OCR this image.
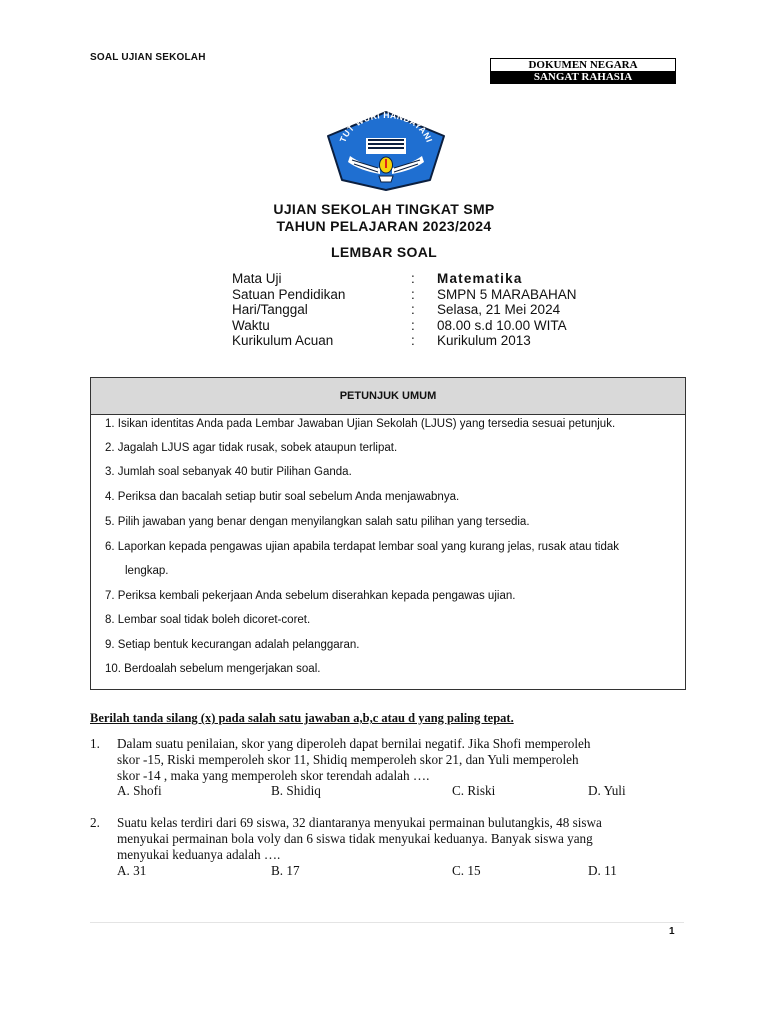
SOAL UJIAN SEKOLAH
DOKUMEN NEGARA
SANGAT RAHASIA
TUT WURI HANDAYANI
UJIAN SEKOLAH TINGKAT SMP
TAHUN PELAJARAN 2023/2024
LEMBAR SOAL
Mata Uji	: Matematika
Satuan Pendidikan	: SMPN 5 MARABAHAN
Hari/Tanggal	: Selasa, 21 Mei 2024
Waktu	: 08.00 s.d 10.00 WITA
Kurikulum Acuan	: Kurikulum 2013
PETUNJUK UMUM
1. Isikan identitas Anda pada Lembar Jawaban Ujian Sekolah (LJUS) yang tersedia sesuai petunjuk.
2. Jagalah LJUS agar tidak rusak, sobek ataupun terlipat.
3. Jumlah soal sebanyak 40 butir Pilihan Ganda.
4. Periksa dan bacalah setiap butir soal sebelum Anda menjawabnya.
5. Pilih jawaban yang benar dengan menyilangkan salah satu pilihan yang tersedia.
6. Laporkan kepada pengawas ujian apabila terdapat lembar soal yang kurang jelas, rusak atau tidak
lengkap.
7. Periksa kembali pekerjaan Anda sebelum diserahkan kepada pengawas ujian.
8. Lembar soal tidak boleh dicoret-coret.
9. Setiap bentuk kecurangan adalah pelanggaran.
10. Berdoalah sebelum mengerjakan soal.
Berilah tanda silang (x) pada salah satu jawaban a,b,c atau d yang paling tepat.
1. Dalam suatu penilaian, skor yang diperoleh dapat bernilai negatif. Jika Shofi memperoleh
skor -15, Riski memperoleh skor 11, Shidiq memperoleh skor 21, dan Yuli memperoleh
skor -14 , maka yang memperoleh skor terendah adalah ….
A. Shofi	B. Shidiq	C. Riski	D. Yuli
2. Suatu kelas terdiri dari 69 siswa, 32 diantaranya menyukai permainan bulutangkis, 48 siswa
menyukai permainan bola voly dan 6 siswa tidak menyukai keduanya. Banyak siswa yang
menyukai keduanya adalah ….
A. 31	B. 17	C. 15	D. 11
1
